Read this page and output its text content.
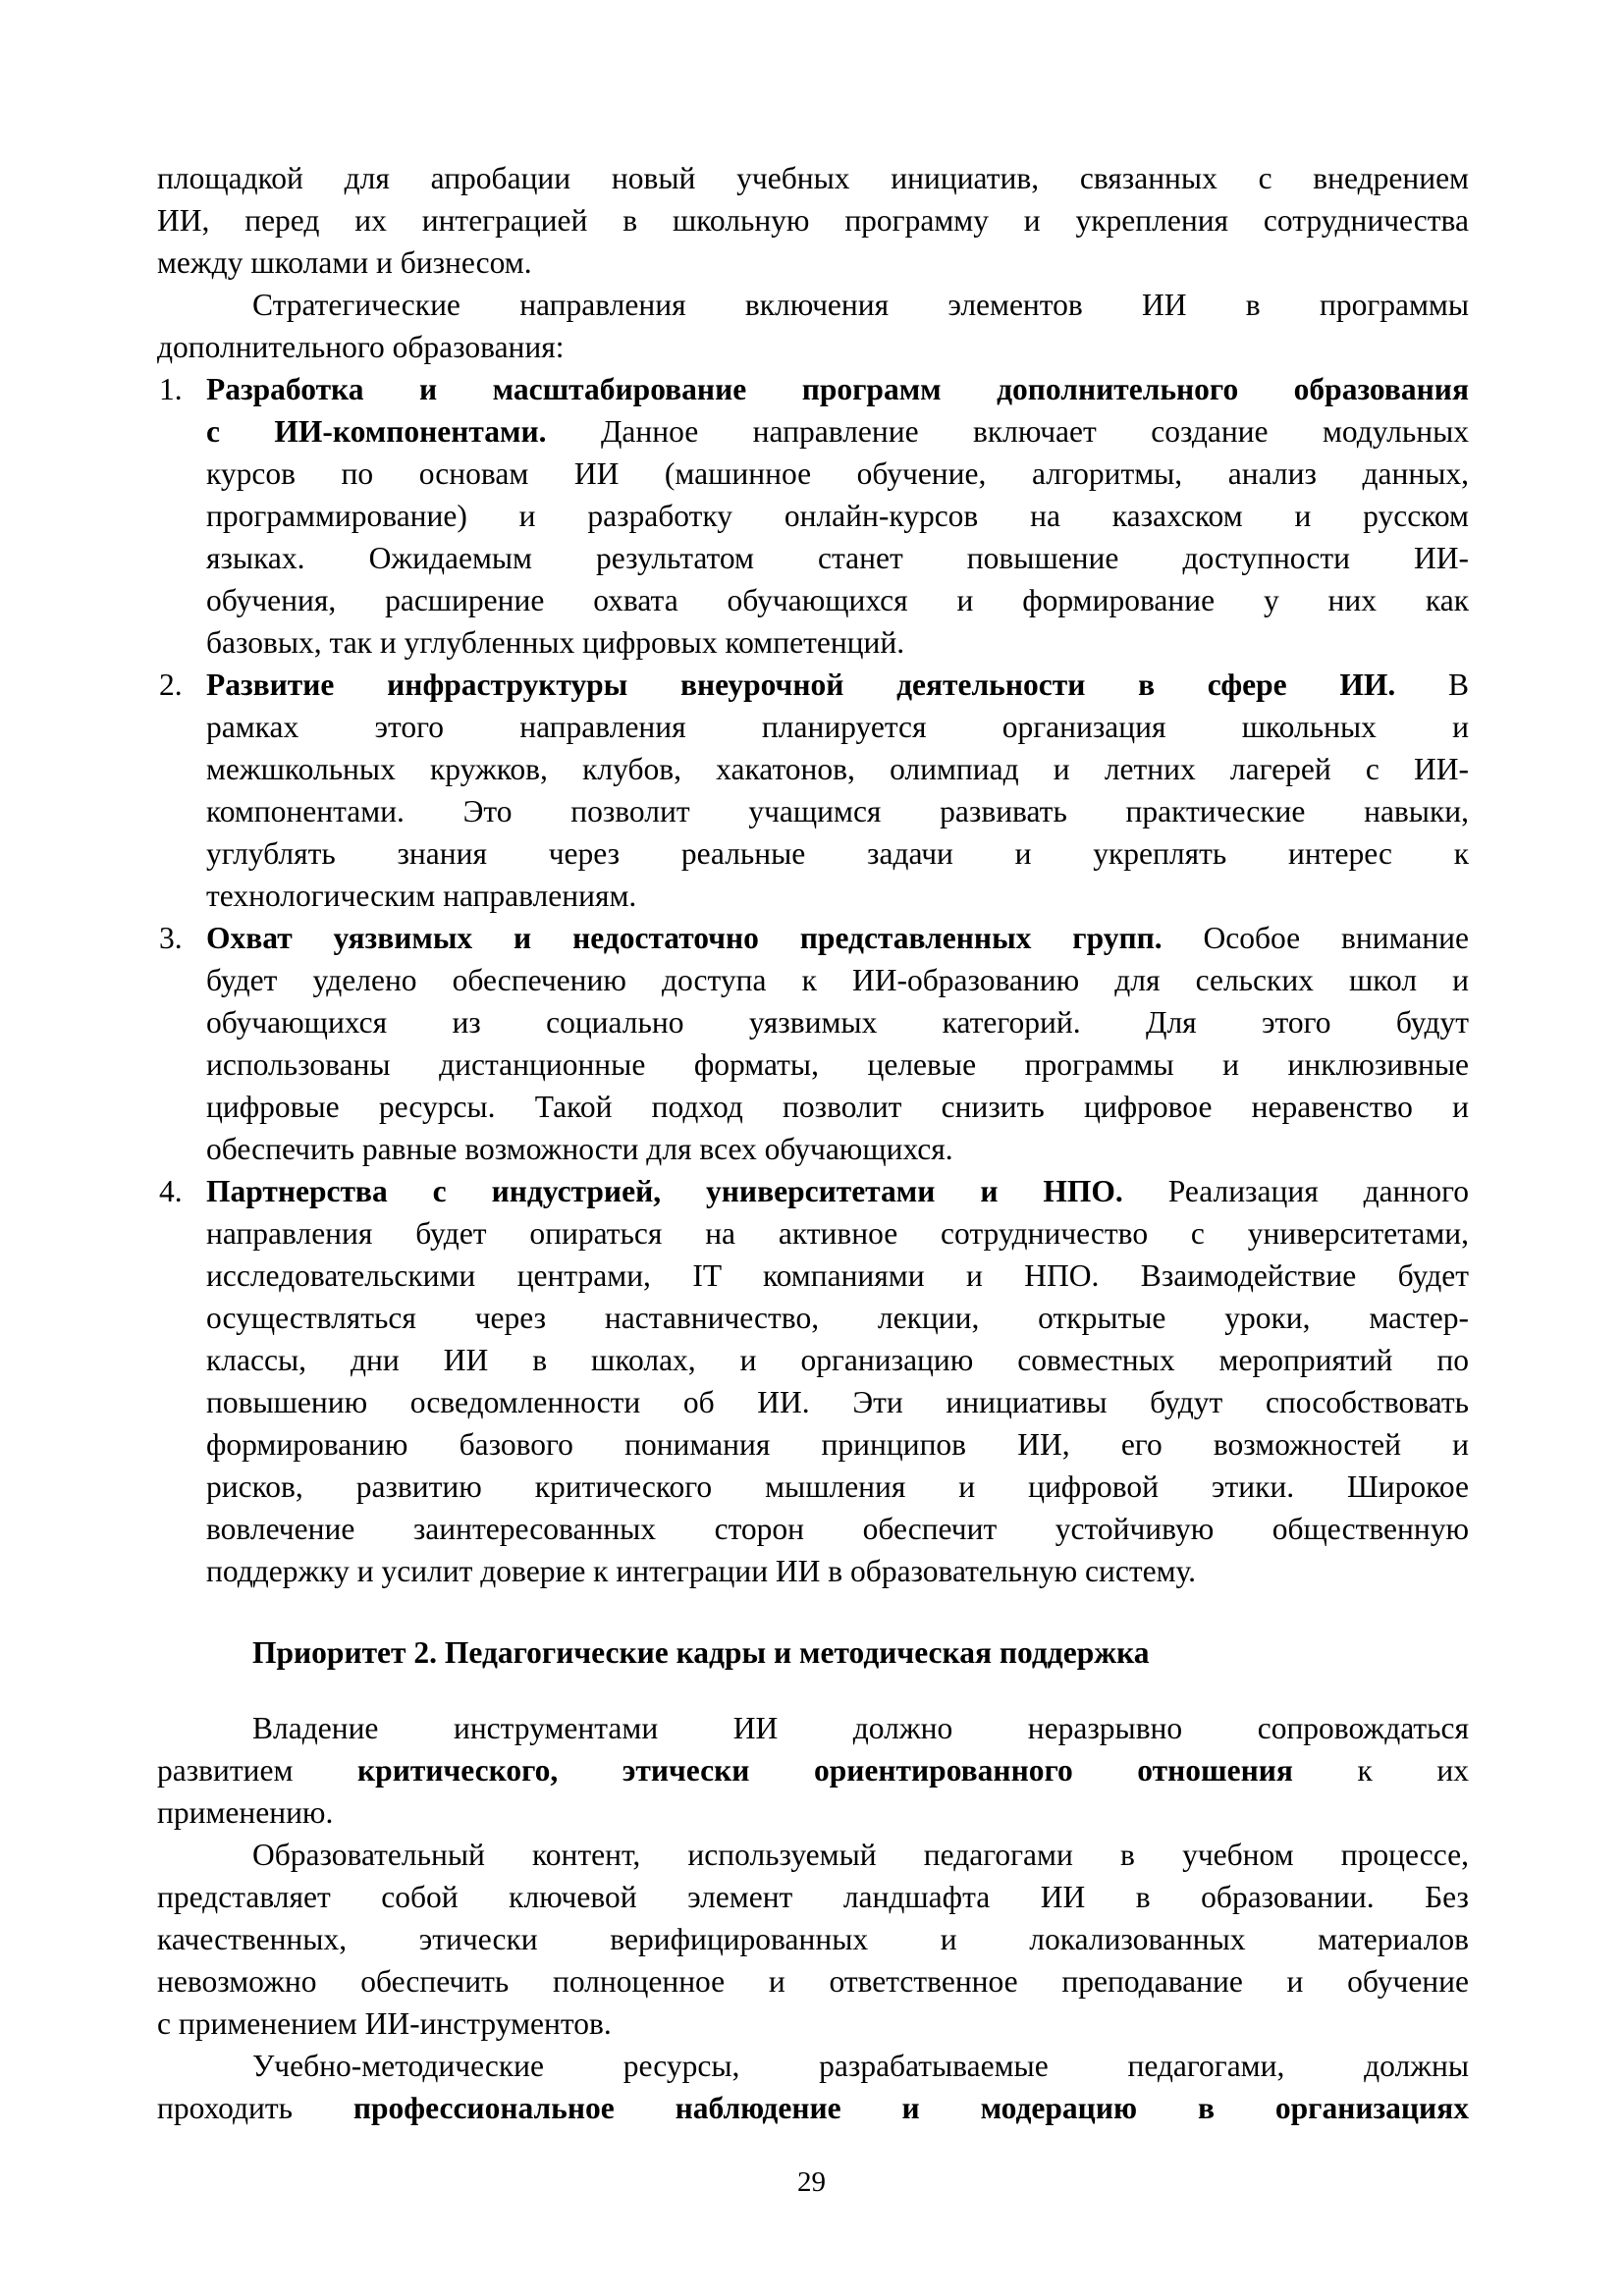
площадкой для апробации новый учебных инициатив, связанных с внедрением
ИИ, перед их интеграцией в школьную программу и укрепления сотрудничества
между школами и бизнесом.
Стратегические направления включения элементов ИИ в программы
дополнительного образования:
1. Разработка и масштабирование программ дополнительного образования
с ИИ-компонентами. Данное направление включает создание модульных
курсов по основам ИИ (машинное обучение, алгоритмы, анализ данных,
программирование) и разработку онлайн-курсов на казахском и русском
языках. Ожидаемым результатом станет повышение доступности ИИ-
обучения, расширение охвата обучающихся и формирование у них как
базовых, так и углубленных цифровых компетенций.
2. Развитие инфраструктуры внеурочной деятельности в сфере ИИ. В
рамках этого направления планируется организация школьных и
межшкольных кружков, клубов, хакатонов, олимпиад и летних лагерей с ИИ-
компонентами. Это позволит учащимся развивать практические навыки,
углублять знания через реальные задачи и укреплять интерес к
технологическим направлениям.
3. Охват уязвимых и недостаточно представленных групп. Особое внимание
будет уделено обеспечению доступа к ИИ-образованию для сельских школ и
обучающихся из социально уязвимых категорий. Для этого будут
использованы дистанционные форматы, целевые программы и инклюзивные
цифровые ресурсы. Такой подход позволит снизить цифровое неравенство и
обеспечить равные возможности для всех обучающихся.
4. Партнерства с индустрией, университетами и НПО. Реализация данного
направления будет опираться на активное сотрудничество с университетами,
исследовательскими центрами, IT компаниями и НПО. Взаимодействие будет
осуществляться через наставничество, лекции, открытые уроки, мастер-
классы, дни ИИ в школах, и организацию совместных мероприятий по
повышению осведомленности об ИИ. Эти инициативы будут способствовать
формированию базового понимания принципов ИИ, его возможностей и
рисков, развитию критического мышления и цифровой этики. Широкое
вовлечение заинтересованных сторон обеспечит устойчивую общественную
поддержку и усилит доверие к интеграции ИИ в образовательную систему.
Приоритет 2. Педагогические кадры и методическая поддержка
Владение инструментами ИИ должно неразрывно сопровождаться
развитием критического, этически ориентированного отношения к их
применению.
Образовательный контент, используемый педагогами в учебном процессе,
представляет собой ключевой элемент ландшафта ИИ в образовании. Без
качественных, этически верифицированных и локализованных материалов
невозможно обеспечить полноценное и ответственное преподавание и обучение
с применением ИИ-инструментов.
Учебно-методические ресурсы, разрабатываемые педагогами, должны
проходить профессиональное наблюдение и модерацию в организациях
29
